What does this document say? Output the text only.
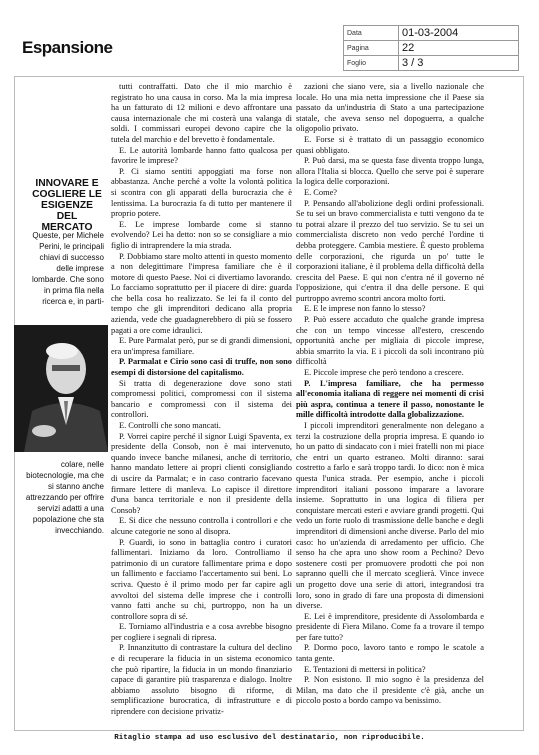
Espansione
Data	01-03-2004
Pagina	22
Foglio	3 / 3
INNOVARE E COGLIERE LE ESIGENZE DEL MERCATO
Queste, per Michele Perini, le principali chiavi di successo delle imprese lombarde. Che sono in prima fila nella ricerca e, in parti-
colare, nelle biotecnologie, ma che si stanno anche attrezzando per offrire servizi adatti a una popolazione che sta invecchiando.

tutti contraffatti. Dato che il mio marchio è registrato ho una causa in corso. Ma la mia impresa ha un fatturato di 12 milioni e devo affrontare una causa internazionale che mi costerà una valanga di soldi. I commissari europei devono capire che la tutela del marchio e del brevetto è fondamentale.

E. Le autorità lombarde hanno fatto qualcosa per favorire le imprese?

P. Ci siamo sentiti appoggiati ma forse non abbastanza. Anche perché a volte la volontà politica si scontra con gli apparati della burocrazia che è lentissima. La burocrazia fa di tutto per mantenere il proprio potere.

E. Le imprese lombarde come si stanno evolvendo? Lei ha detto: non so se consigliare a mio figlio di intraprendere la mia strada.

P. Dobbiamo stare molto attenti in questo momento a non delegittimare l'impresa familiare che è il motore di questo Paese. Noi ci divertiamo lavorando. Lo facciamo soprattutto per il piacere di dire: guarda che bella cosa ho realizzato. Se lei fa il conto del tempo che gli imprenditori dedicano alla propria azienda, vede che guadagnerebbero di più se fossero pagati a ore come idraulici.

E. Pure Parmalat però, pur se di grandi dimensioni, era un'impresa familiare.

P. Parmalat e Cirio sono casi di truffe, non sono esempi di distorsione del capitalismo.

Si tratta di degenerazione dove sono stati compromessi politici, compromessi con il sistema bancario e compromessi con il sistema dei controllori.

E. Controlli che sono mancati.

P. Vorrei capire perché il signor Luigi Spaventa, ex presidente della Consob, non è mai intervenuto, quando invece banche milanesi, anche di territorio, hanno mandato lettere ai propri clienti consigliando di uscire da Parmalat; e in caso contrario facevano firmare lettere di manleva. Lo capisce il direttore d'una banca territoriale e non il presidente della Consob?

E. Si dice che nessuno controlla i controllori e che alcune categorie ne sono al disopra.

P. Guardi, io sono in battaglia contro i curatori fallimentari. Iniziamo da loro. Controlliamo il patrimonio di un curatore fallimentare prima e dopo un fallimento e facciamo l'accertamento sui beni. Lo scriva. Questo è il primo modo per far capire agli avvoltoi del sistema delle imprese che i controlli vanno fatti anche su chi, purtroppo, non ha un controllore sopra di sé.

E. Torniamo all'industria e a cosa avrebbe bisogno per cogliere i segnali di ripresa.

P. Innanzitutto di contrastare la cultura del declino e di recuperare la fiducia in un sistema economico che può ripartire, la fiducia in un mondo finanziario capace di garantire più trasparenza e dialogo. Inoltre abbiamo assoluto bisogno di riforme, di semplificazione burocratica, di infrastrutture e di riprendere con decisione privatiz-

zazioni che siano vere, sia a livello nazionale che locale. Ho una mia netta impressione che il Paese sia passato da un'industria di Stato a una partecipazione statale, che aveva senso nel dopoguerra, a qualche oligopolio privato.

E. Forse si è trattato di un passaggio economico quasi obbligato.

P. Può darsi, ma se questa fase diventa troppo lunga, allora l'Italia si blocca. Quello che serve poi è superare la logica delle corporazioni.

E. Come?

P. Pensando all'abolizione degli ordini professionali. Se tu sei un bravo commercialista e tutti vengono da te tu potrai alzare il prezzo del tuo servizio. Se tu sei un commercialista discreto non vedo perché l'ordine ti debba proteggere. Cambia mestiere. È questo problema delle corporazioni, che rigurda un po' tutte le corporazioni italiane, è il problema della difficoltà della crescita del Paese. E qui non c'entra né il governo né l'opposizione, qui c'entra il dna delle persone. E qui purtroppo avremo scontri ancora molto forti.

E. E le imprese non fanno lo stesso?

P. Può essere accaduto che qualche grande impresa che con un tempo vincesse all'estero, crescendo opportunità anche per migliaia di piccole imprese, abbia smarrito la via. E i piccoli da soli incontrano più difficoltà

E. Piccole imprese che però tendono a crescere.

P. L'impresa familiare, che ha permesso all'economia italiana di reggere nei momenti di crisi più aspra, continua a tenere il passo, nonostante le mille difficoltà introdotte dalla globalizzazione.

I piccoli imprenditori generalmente non delegano a terzi la costruzione della propria impresa. E quando io ho un patto di sindacato con i miei fratelli non mi piace che entri un quarto estraneo. Molti diranno: sarai costretto a farlo e sarà troppo tardi. Io dico: non è mica questa l'unica strada. Per esempio, anche i piccoli imprenditori italiani possono imparare a lavorare insieme. Soprattutto in una logica di filiera per conquistare mercati esteri e avviare grandi progetti. Qui vedo un forte ruolo di trasmissione delle banche e degli imprenditori di dimensioni anche diverse. Parlo del mio caso: ho un'azienda di arredamento per ufficio. Che senso ha che apra uno show room a Pechino? Devo sostenere costi per promuovere prodotti che poi non sapranno quelli che il mercato sceglierà. Vince invece un progetto dove una serie di attori, integrandosi tra loro, sono in grado di fare una proposta di dimensioni diverse.

E. Lei è imprenditore, presidente di Assolombarda e presidente di Fiera Milano. Come fa a trovare il tempo per fare tutto?

P. Dormo poco, lavoro tanto e rompo le scatole a tanta gente.

E. Tentazioni di mettersi in politica?

P. Non esistono. Il mio sogno è la presidenza del Milan, ma dato che il presidente c'è già, anche un piccolo posto a bordo campo va benissimo.

Ritaglio stampa ad uso esclusivo del destinatario, non riproducibile.
